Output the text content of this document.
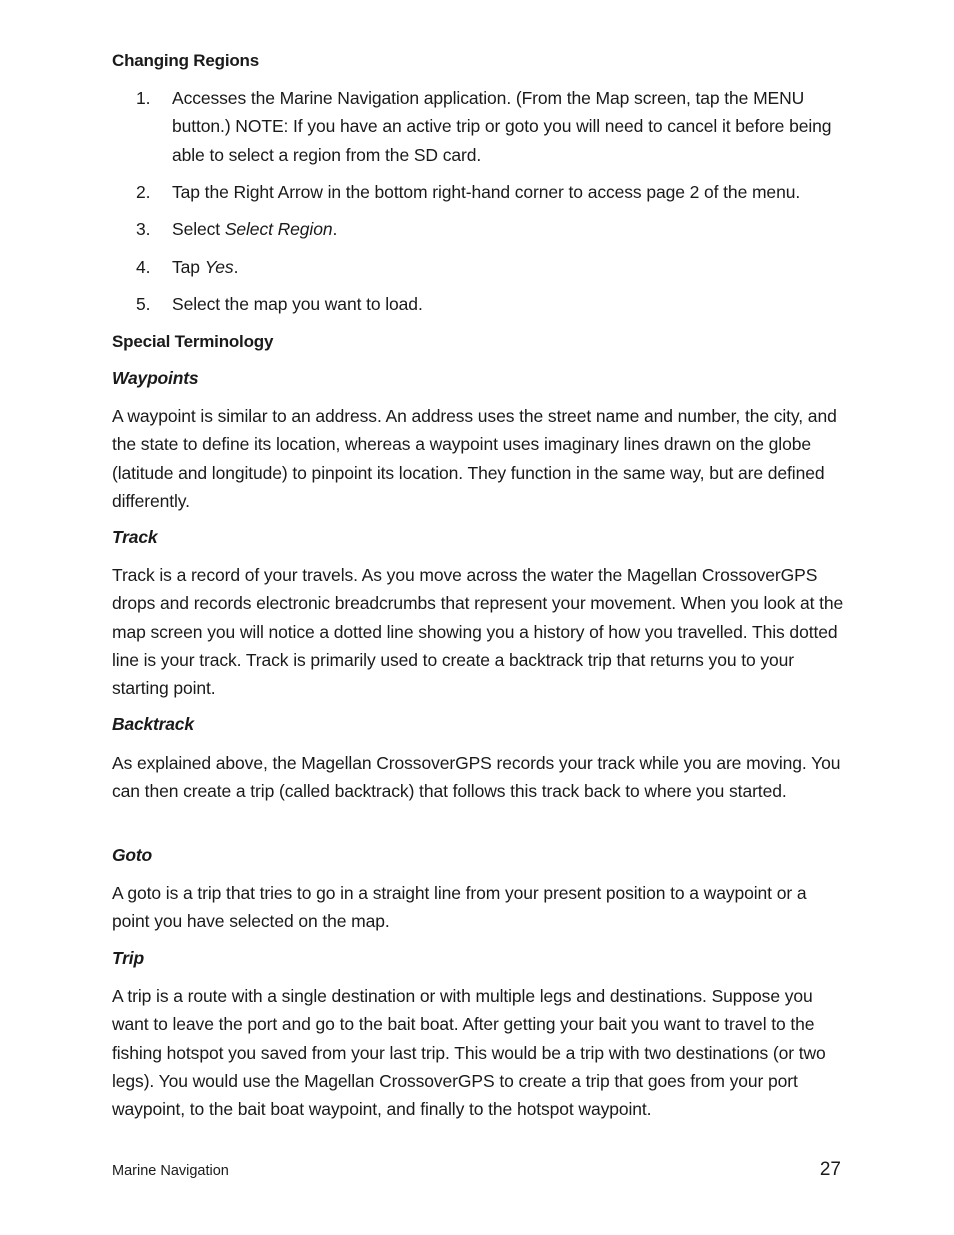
Changing Regions
1.	Accesses the Marine Navigation application. (From the Map screen, tap the MENU button.) NOTE: If you have an active trip or goto you will need to cancel it before being able to select a region from the SD card.
2.	Tap the Right Arrow in the bottom right-hand corner to access page 2 of the menu.
3.	Select Select Region.
4.	Tap Yes.
5.	Select the map you want to load.
Special Terminology
Waypoints

A waypoint is similar to an address. An address uses the street name and number, the city, and the state to define its location, whereas a waypoint uses imaginary lines drawn on the globe (latitude and longitude) to pinpoint its location. They function in the same way, but are defined differently.

Track

Track is a record of your travels. As you move across the water the Magellan CrossoverGPS drops and records electronic breadcrumbs that represent your movement. When you look at the map screen you will notice a dotted line showing you a history of how you travelled. This dotted line is your track. Track is primarily used to create a backtrack trip that returns you to your starting point.

Backtrack

As explained above, the Magellan CrossoverGPS records your track while you are moving. You can then create a trip (called backtrack) that follows this track back to where you started.

Goto

A goto is a trip that tries to go in a straight line from your present position to a waypoint or a point you have selected on the map.

Trip

A trip is a route with a single destination or with multiple legs and destinations. Suppose you want to leave the port and go to the bait boat. After getting your bait you want to travel to the fishing hotspot you saved from your last trip. This would be a trip with two destinations (or two legs). You would use the Magellan CrossoverGPS to create a trip that goes from your port waypoint, to the bait boat waypoint, and finally to the hotspot waypoint.

Marine Navigation	27
